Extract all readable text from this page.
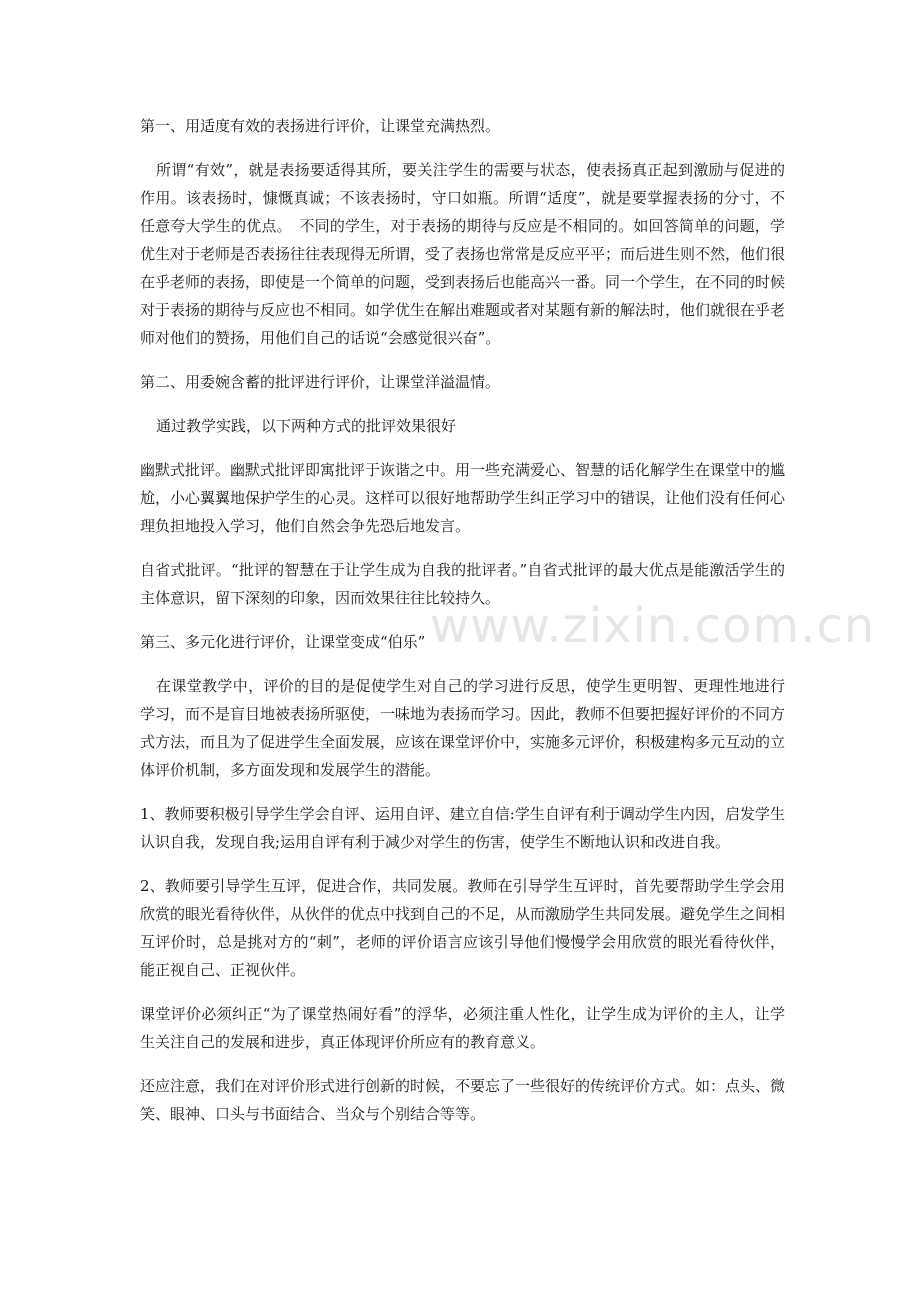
第一、用适度有效的表扬进行评价，让课堂充满热烈。

所谓“有效”，就是表扬要适得其所，要关注学生的需要与状态，使表扬真正起到激励与促进的作用。该表扬时，慷慨真诚；不该表扬时，守口如瓶。所谓“适度”，就是要掌握表扬的分寸，不任意夸大学生的优点。　不同的学生，对于表扬的期待与反应是不相同的。如回答简单的问题，学优生对于老师是否表扬往往表现得无所谓，受了表扬也常常是反应平平；而后进生则不然，他们很在乎老师的表扬，即使是一个简单的问题，受到表扬后也能高兴一番。同一个学生，在不同的时候对于表扬的期待与反应也不相同。如学优生在解出难题或者对某题有新的解法时，他们就很在乎老师对他们的赞扬，用他们自己的话说“会感觉很兴奋”。

第二、用委婉含蓄的批评进行评价，让课堂洋溢温情。

通过教学实践，以下两种方式的批评效果很好

幽默式批评。幽默式批评即寓批评于诙谐之中。用一些充满爱心、智慧的话化解学生在课堂中的尴尬，小心翼翼地保护学生的心灵。这样可以很好地帮助学生纠正学习中的错误，让他们没有任何心理负担地投入学习，他们自然会争先恐后地发言。

自省式批评。“批评的智慧在于让学生成为自我的批评者。”自省式批评的最大优点是能激活学生的主体意识，留下深刻的印象，因而效果往往比较持久。

第三、多元化进行评价，让课堂变成“伯乐”

在课堂教学中，评价的目的是促使学生对自己的学习进行反思，使学生更明智、更理性地进行学习，而不是盲目地被表扬所驱使，一味地为表扬而学习。因此，教师不但要把握好评价的不同方式方法，而且为了促进学生全面发展，应该在课堂评价中，实施多元评价，积极建构多元互动的立体评价机制，多方面发现和发展学生的潜能。

1、教师要积极引导学生学会自评、运用自评、建立自信:学生自评有利于调动学生内因，启发学生认识自我，发现自我;运用自评有利于减少对学生的伤害，使学生不断地认识和改进自我。

2、教师要引导学生互评，促进合作，共同发展。教师在引导学生互评时，首先要帮助学生学会用欣赏的眼光看待伙伴，从伙伴的优点中找到自己的不足，从而激励学生共同发展。避免学生之间相互评价时，总是挑对方的“刺”，老师的评价语言应该引导他们慢慢学会用欣赏的眼光看待伙伴，能正视自己、正视伙伴。

课堂评价必须纠正“为了课堂热闹好看”的浮华，必须注重人性化，让学生成为评价的主人，让学生关注自己的发展和进步，真正体现评价所应有的教育意义。

还应注意，我们在对评价形式进行创新的时候，不要忘了一些很好的传统评价方式。如：点头、微笑、眼神、口头与书面结合、当众与个别结合等等。

www.zixin.com.cn
